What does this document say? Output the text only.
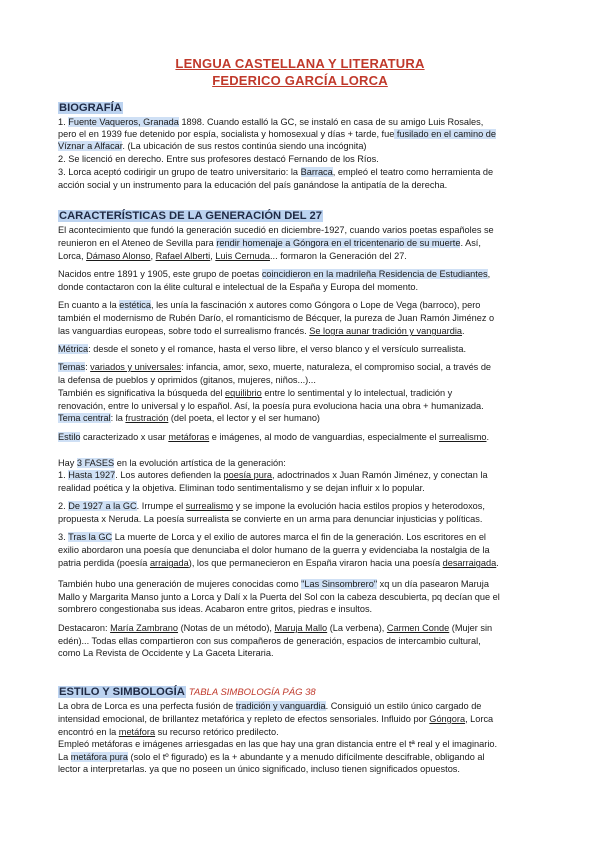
LENGUA CASTELLANA Y LITERATURA
FEDERICO GARCÍA LORCA
BIOGRAFÍA
CARACTERÍSTICAS DE LA GENERACIÓN DEL 27
ESTILO Y SIMBOLOGÍA TABLA SIMBOLOGÍA PÁG 38
1. Fuente Vaqueros, Granada 1898. Cuando estalló la GC, se instaló en casa de su amigo Luis Rosales,
pero el en 1939 fue detenido por espía, socialista y homosexual y días + tarde, fue fusilado en el camino de
Víznar a Alfacar. (La ubicación de sus restos continúa siendo una incógnita)
2. Se licenció en derecho. Entre sus profesores destacó Fernando de los Ríos.
3. Lorca aceptó codirigir un grupo de teatro universitario: la Barraca, empleó el teatro como herramienta de
acción social y un instrumento para la educación del país ganándose la antipatía de la derecha.
El acontecimiento que fundó la generación sucedió en diciembre-1927, cuando varios poetas españoles se
reunieron en el Ateneo de Sevilla para rendir homenaje a Góngora en el tricentenario de su muerte. Así,
Lorca, Dámaso Alonso, Rafael Alberti, Luis Cernuda... formaron la Generación del 27.
Nacidos entre 1891 y 1905, este grupo de poetas coincidieron en la madrileña Residencia de Estudiantes,
donde contactaron con la élite cultural e intelectual de la España y Europa del momento.
En cuanto a la estética, les unía la fascinación x autores como Góngora o Lope de Vega (barroco), pero
también el modernismo de Rubén Darío, el romanticismo de Bécquer, la pureza de Juan Ramón Jiménez o
las vanguardias europeas, sobre todo el surrealismo francés. Se logra aunar tradición y vanguardia.
Métrica: desde el soneto y el romance, hasta el verso libre, el verso blanco y el versículo surrealista.
Temas: variados y universales: infancia, amor, sexo, muerte, naturaleza, el compromiso social, a través de
la defensa de pueblos y oprimidos (gitanos, mujeres, niños...)...
También es significativa la búsqueda del equilibrio entre lo sentimental y lo intelectual, tradición y
renovación, entre lo universal y lo español. Así, la poesía pura evoluciona hacia una obra + humanizada.
Tema central: la frustración (del poeta, el lector y el ser humano)
Estilo caracterizado x usar metáforas e imágenes, al modo de vanguardias, especialmente el surrealismo.
Hay 3 FASES en la evolución artística de la generación:
1. Hasta 1927. Los autores defienden la poesía pura, adoctrinados x Juan Ramón Jiménez, y conectan la
realidad poética y la objetiva. Eliminan todo sentimentalismo y se dejan influir x lo popular.
2. De 1927 a la GC. Irrumpe el surrealismo y se impone la evolución hacia estilos propios y heterodoxos,
propuesta x Neruda. La poesía surrealista se convierte en un arma para denunciar injusticias y políticas.
3. Tras la GC La muerte de Lorca y el exilio de autores marca el fin de la generación. Los escritores en el
exilio abordaron una poesía que denunciaba el dolor humano de la guerra y evidenciaba la nostalgia de la
patria perdida (poesía arraigada), los que permanecieron en España viraron hacia una poesía desarraigada.
También hubo una generación de mujeres conocidas como "Las Sinsombrero" xq un día pasearon Maruja
Mallo y Margarita Manso junto a Lorca y Dalí x la Puerta del Sol con la cabeza descubierta, pq decían que el
sombrero congestionaba sus ideas. Acabaron entre gritos, piedras e insultos.
Destacaron: María Zambrano (Notas de un método), Maruja Mallo (La verbena), Carmen Conde (Mujer sin
edén)... Todas ellas compartieron con sus compañeros de generación, espacios de intercambio cultural,
como La Revista de Occidente y La Gaceta Literaria.
La obra de Lorca es una perfecta fusión de tradición y vanguardia. Consiguió un estilo único cargado de
intensidad emocional, de brillantez metafórica y repleto de efectos sensoriales. Influido por Góngora, Lorca
encontró en la metáfora su recurso retórico predilecto.
Empleó metáforas e imágenes arriesgadas en las que hay una gran distancia entre el tª real y el imaginario.
La metáfora pura (solo el tº figurado) es la + abundante y a menudo difícilmente descifrable, obligando al
lector a interpretarlas. ya que no poseen un único significado, incluso tienen significados opuestos.
